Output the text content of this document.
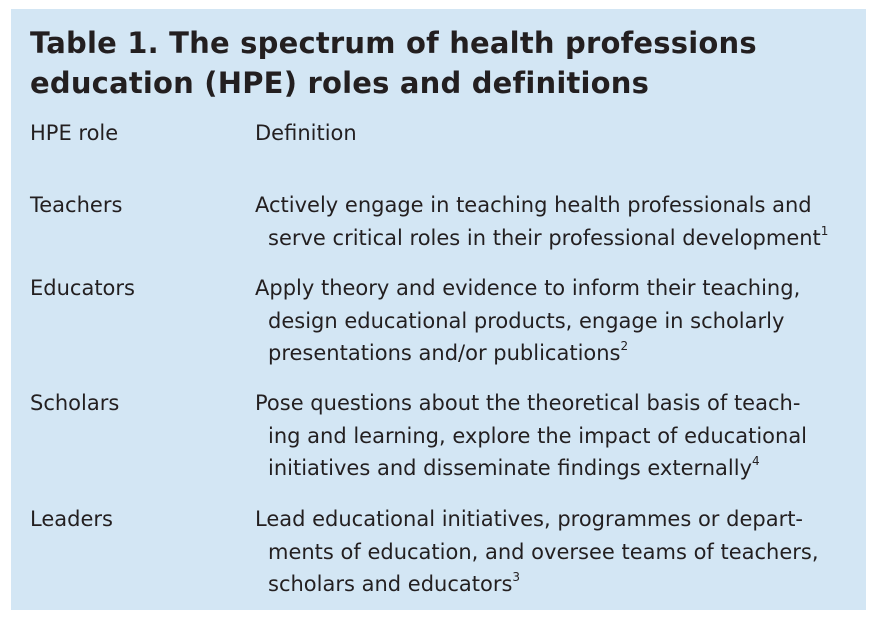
Table 1. The spectrum of health professions
education (HPE) roles and definitions
HPE role	Definition
Teachers	Actively engage in teaching health professionals and
serve critical roles in their professional development$^1$
Educators	Apply theory and evidence to inform their teaching,
design educational products, engage in scholarly
presentations and/or publications$^2$
Scholars	Pose questions about the theoretical basis of teach-
ing and learning, explore the impact of educational
initiatives and disseminate findings externally$^4$
Leaders	Lead educational initiatives, programmes or depart-
ments of education, and oversee teams of teachers,
scholars and educators$^3$
